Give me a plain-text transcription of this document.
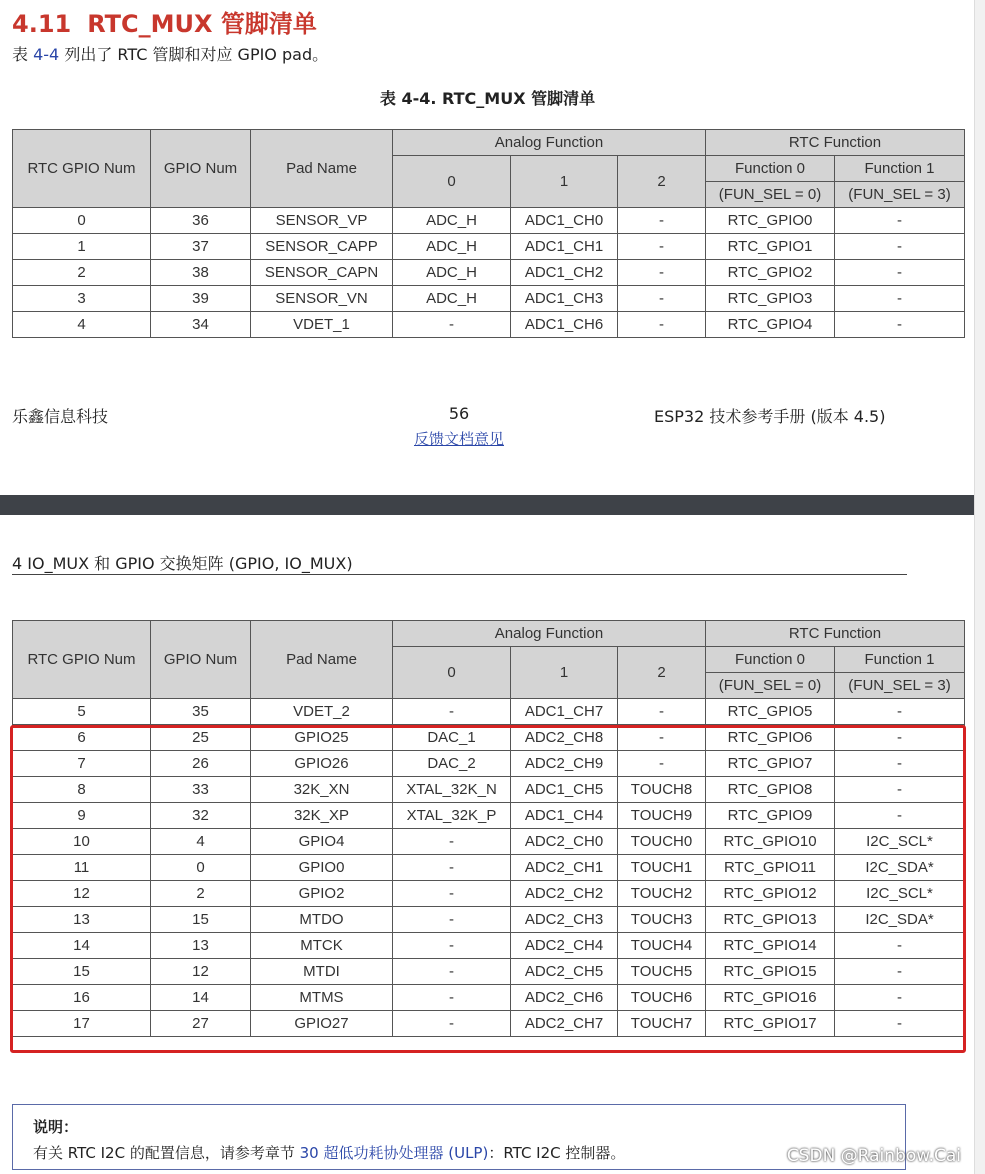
4.11 RTC_MUX 管脚清单
表 4-4 列出了 RTC 管脚和对应 GPIO pad。
表 4-4. RTC_MUX 管脚清单
RTC GPIO Num	GPIO Num	Pad Name	Analog Function			RTC Function	
			0	1	2	Function 0	Function 1
						(FUN_SEL = 0)	(FUN_SEL = 3)
0	36	SENSOR_VP	ADC_H	ADC1_CH0	-	RTC_GPIO0	-
1	37	SENSOR_CAPP	ADC_H	ADC1_CH1	-	RTC_GPIO1	-
2	38	SENSOR_CAPN	ADC_H	ADC1_CH2	-	RTC_GPIO2	-
3	39	SENSOR_VN	ADC_H	ADC1_CH3	-	RTC_GPIO3	-
4	34	VDET_1	-	ADC1_CH6	-	RTC_GPIO4	-
乐鑫信息科技	56	ESP32 技术参考手册 (版本 4.5)
反馈文档意见
4 IO_MUX 和 GPIO 交换矩阵 (GPIO, IO_MUX)
RTC GPIO Num	GPIO Num	Pad Name	Analog Function			RTC Function	
			0	1	2	Function 0	Function 1
						(FUN_SEL = 0)	(FUN_SEL = 3)
5	35	VDET_2	-	ADC1_CH7	-	RTC_GPIO5	-
6	25	GPIO25	DAC_1	ADC2_CH8	-	RTC_GPIO6	-
7	26	GPIO26	DAC_2	ADC2_CH9	-	RTC_GPIO7	-
8	33	32K_XN	XTAL_32K_N	ADC1_CH5	TOUCH8	RTC_GPIO8	-
9	32	32K_XP	XTAL_32K_P	ADC1_CH4	TOUCH9	RTC_GPIO9	-
10	4	GPIO4	-	ADC2_CH0	TOUCH0	RTC_GPIO10	I2C_SCL*
11	0	GPIO0	-	ADC2_CH1	TOUCH1	RTC_GPIO11	I2C_SDA*
12	2	GPIO2	-	ADC2_CH2	TOUCH2	RTC_GPIO12	I2C_SCL*
13	15	MTDO	-	ADC2_CH3	TOUCH3	RTC_GPIO13	I2C_SDA*
14	13	MTCK	-	ADC2_CH4	TOUCH4	RTC_GPIO14	-
15	12	MTDI	-	ADC2_CH5	TOUCH5	RTC_GPIO15	-
16	14	MTMS	-	ADC2_CH6	TOUCH6	RTC_GPIO16	-
17	27	GPIO27	-	ADC2_CH7	TOUCH7	RTC_GPIO17	-
说明：
有关 RTC I2C 的配置信息，请参考章节 30 超低功耗协处理器 (ULP)：RTC I2C 控制器。	CSDN @Rainbow.Cai
